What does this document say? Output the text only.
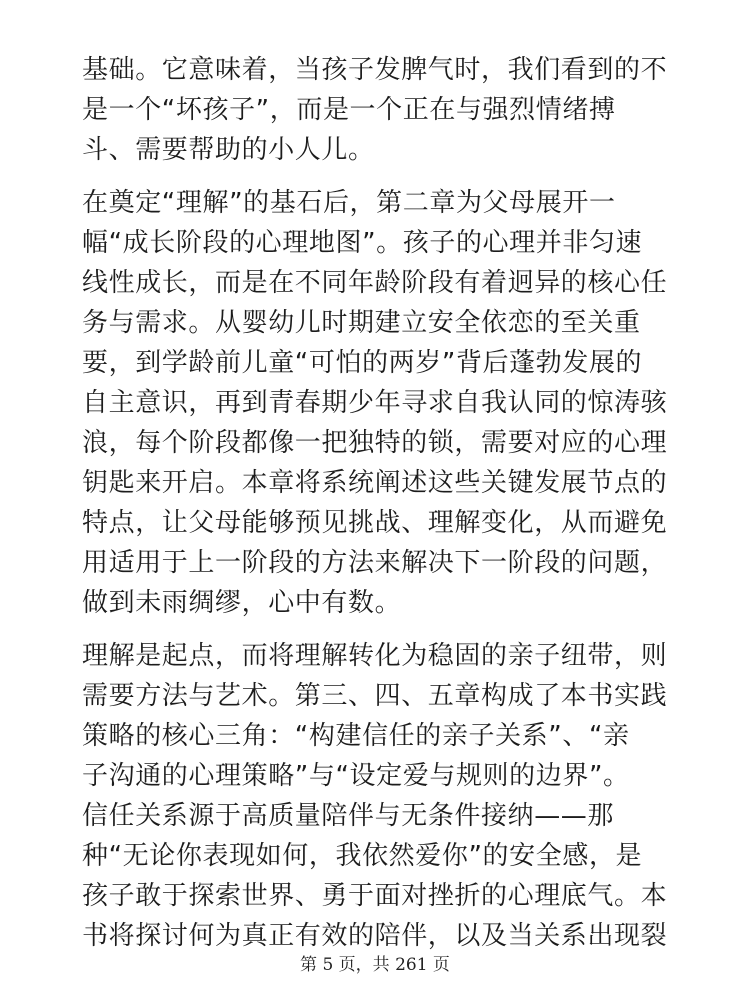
基础。它意味着，当孩子发脾气时，我们看到的不
是一个“坏孩子”，而是一个正在与强烈情绪搏
斗、需要帮助的小人儿。

在奠定“理解”的基石后，第二章为父母展开一
幅“成长阶段的心理地图”。孩子的心理并非匀速
线性成长，而是在不同年龄阶段有着迥异的核心任
务与需求。从婴幼儿时期建立安全依恋的至关重
要，到学龄前儿童“可怕的两岁”背后蓬勃发展的
自主意识，再到青春期少年寻求自我认同的惊涛骇
浪，每个阶段都像一把独特的锁，需要对应的心理
钥匙来开启。本章将系统阐述这些关键发展节点的
特点，让父母能够预见挑战、理解变化，从而避免
用适用于上一阶段的方法来解决下一阶段的问题，
做到未雨绸缪，心中有数。

理解是起点，而将理解转化为稳固的亲子纽带，则
需要方法与艺术。第三、四、五章构成了本书实践
策略的核心三角：“构建信任的亲子关系”、“亲
子沟通的心理策略”与“设定爱与规则的边界”。
信任关系源于高质量陪伴与无条件接纳——那
种“无论你表现如何，我依然爱你”的安全感，是
孩子敢于探索世界、勇于面对挫折的心理底气。本
书将探讨何为真正有效的陪伴，以及当关系出现裂

第 5 页，共 261 页
